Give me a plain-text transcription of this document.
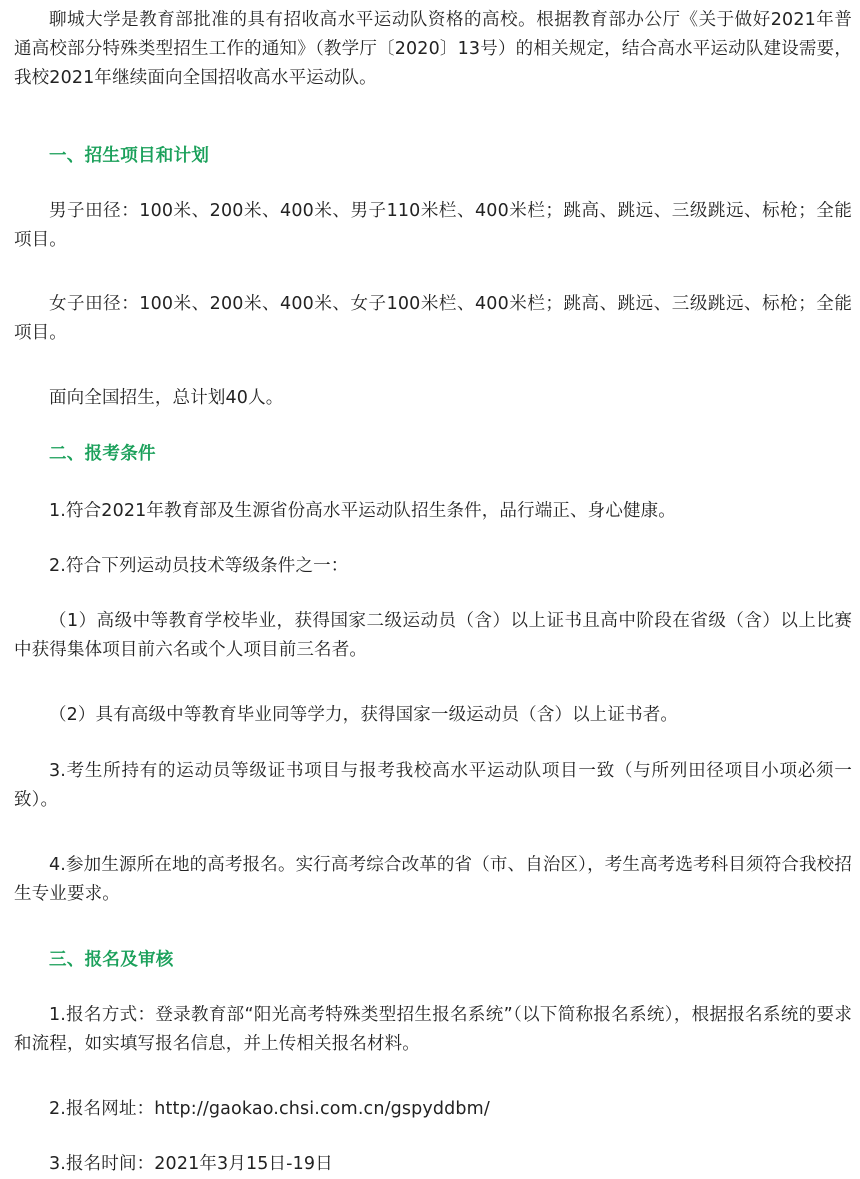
聊城大学是教育部批准的具有招收高水平运动队资格的高校。根据教育部办公厅《关于做好2021年普通高校部分特殊类型招生工作的通知》（教学厅〔2020〕13号）的相关规定，结合高水平运动队建设需要，我校2021年继续面向全国招收高水平运动队。

一、招生项目和计划

男子田径：100米、200米、400米、男子110米栏、400米栏；跳高、跳远、三级跳远、标枪；全能项目。

女子田径：100米、200米、400米、女子100米栏、400米栏；跳高、跳远、三级跳远、标枪；全能项目。

面向全国招生，总计划40人。

二、报考条件

1.符合2021年教育部及生源省份高水平运动队招生条件，品行端正、身心健康。

2.符合下列运动员技术等级条件之一：

（1）高级中等教育学校毕业，获得国家二级运动员（含）以上证书且高中阶段在省级（含）以上比赛中获得集体项目前六名或个人项目前三名者。

（2）具有高级中等教育毕业同等学力，获得国家一级运动员（含）以上证书者。

3.考生所持有的运动员等级证书项目与报考我校高水平运动队项目一致（与所列田径项目小项必须一致）。

4.参加生源所在地的高考报名。实行高考综合改革的省（市、自治区），考生高考选考科目须符合我校招生专业要求。

三、报名及审核

1.报名方式：登录教育部“阳光高考特殊类型招生报名系统”（以下简称报名系统），根据报名系统的要求和流程，如实填写报名信息，并上传相关报名材料。

2.报名网址：http://gaokao.chsi.com.cn/gspyddbm/

3.报名时间：2021年3月15日-19日
